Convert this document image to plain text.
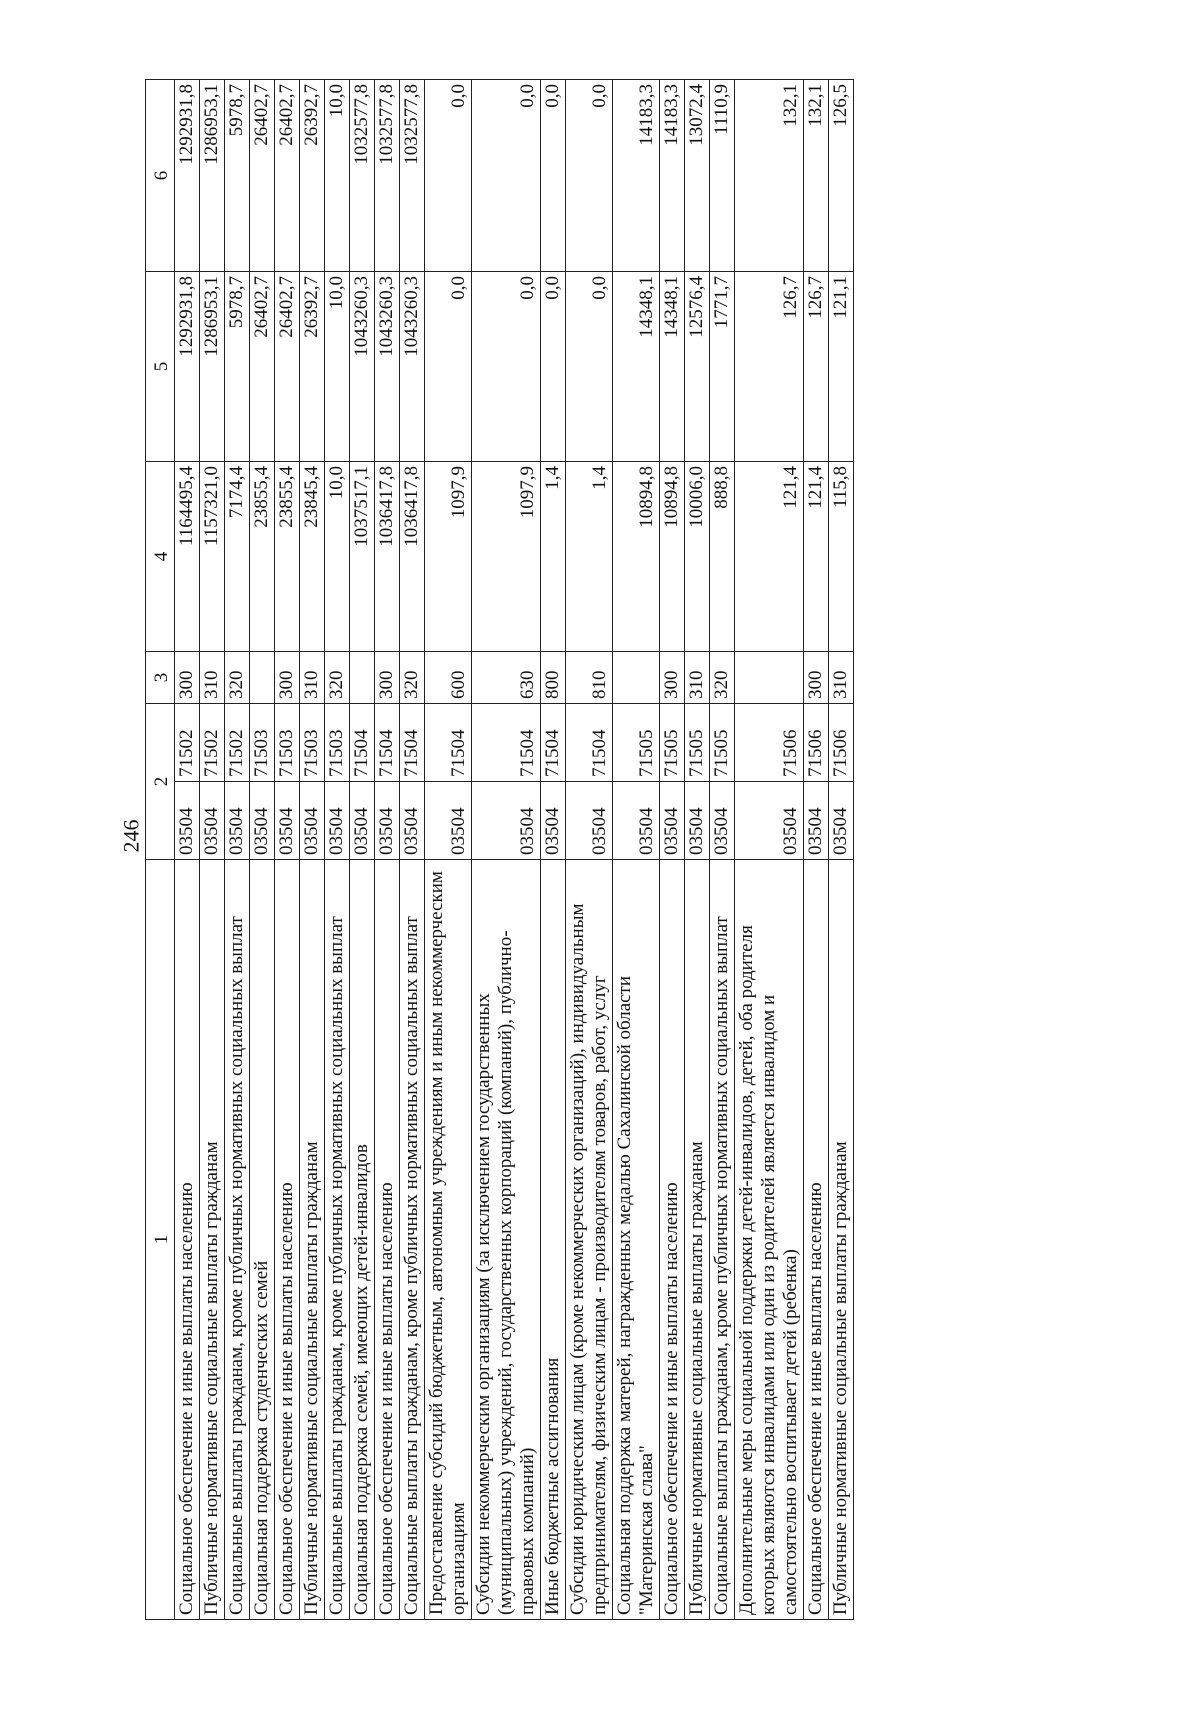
246
1	2		3	4	5	6
Социальное обеспечение и иные выплаты населению	03504	71502	300	1164495,4	1292931,8	1292931,8
Публичные нормативные социальные выплаты гражданам	03504	71502	310	1157321,0	1286953,1	1286953,1
Социальные выплаты гражданам, кроме публичных нормативных социальных выплат	03504	71502	320	7174,4	5978,7	5978,7
Социальная поддержка студенческих семей	03504	71503		23855,4	26402,7	26402,7
Социальное обеспечение и иные выплаты населению	03504	71503	300	23855,4	26402,7	26402,7
Публичные нормативные социальные выплаты гражданам	03504	71503	310	23845,4	26392,7	26392,7
Социальные выплаты гражданам, кроме публичных нормативных социальных выплат	03504	71503	320	10,0	10,0	10,0
Социальная поддержка семей, имеющих детей-инвалидов	03504	71504		1037517,1	1043260,3	1032577,8
Социальное обеспечение и иные выплаты населению	03504	71504	300	1036417,8	1043260,3	1032577,8
Социальные выплаты гражданам, кроме публичных нормативных социальных выплат	03504	71504	320	1036417,8	1043260,3	1032577,8
Предоставление субсидий бюджетным, автономным учреждениям и иным некоммерческим организациям	03504	71504	600	1097,9	0,0	0,0
Субсидии некоммерческим организациям (за исключением государственных (муниципальных) учреждений, государственных корпораций (компаний), публично-правовых компаний)	03504	71504	630	1097,9	0,0	0,0
Иные бюджетные ассигнования	03504	71504	800	1,4	0,0	0,0
Субсидии юридическим лицам (кроме некоммерческих организаций), индивидуальным предпринимателям, физическим лицам - производителям товаров, работ, услуг	03504	71504	810	1,4	0,0	0,0
Социальная поддержка матерей, награжденных медалью Сахалинской области "Материнская слава"	03504	71505		10894,8	14348,1	14183,3
Социальное обеспечение и иные выплаты населению	03504	71505	300	10894,8	14348,1	14183,3
Публичные нормативные социальные выплаты гражданам	03504	71505	310	10006,0	12576,4	13072,4
Социальные выплаты гражданам, кроме публичных нормативных социальных выплат	03504	71505	320	888,8	1771,7	1110,9
Дополнительные меры социальной поддержки детей-инвалидов, детей, оба родителя которых являются инвалидами или один из родителей является инвалидом и самостоятельно воспитывает детей (ребенка)	03504	71506		121,4	126,7	132,1
Социальное обеспечение и иные выплаты населению	03504	71506	300	121,4	126,7	132,1
Публичные нормативные социальные выплаты гражданам	03504	71506	310	115,8	121,1	126,5
